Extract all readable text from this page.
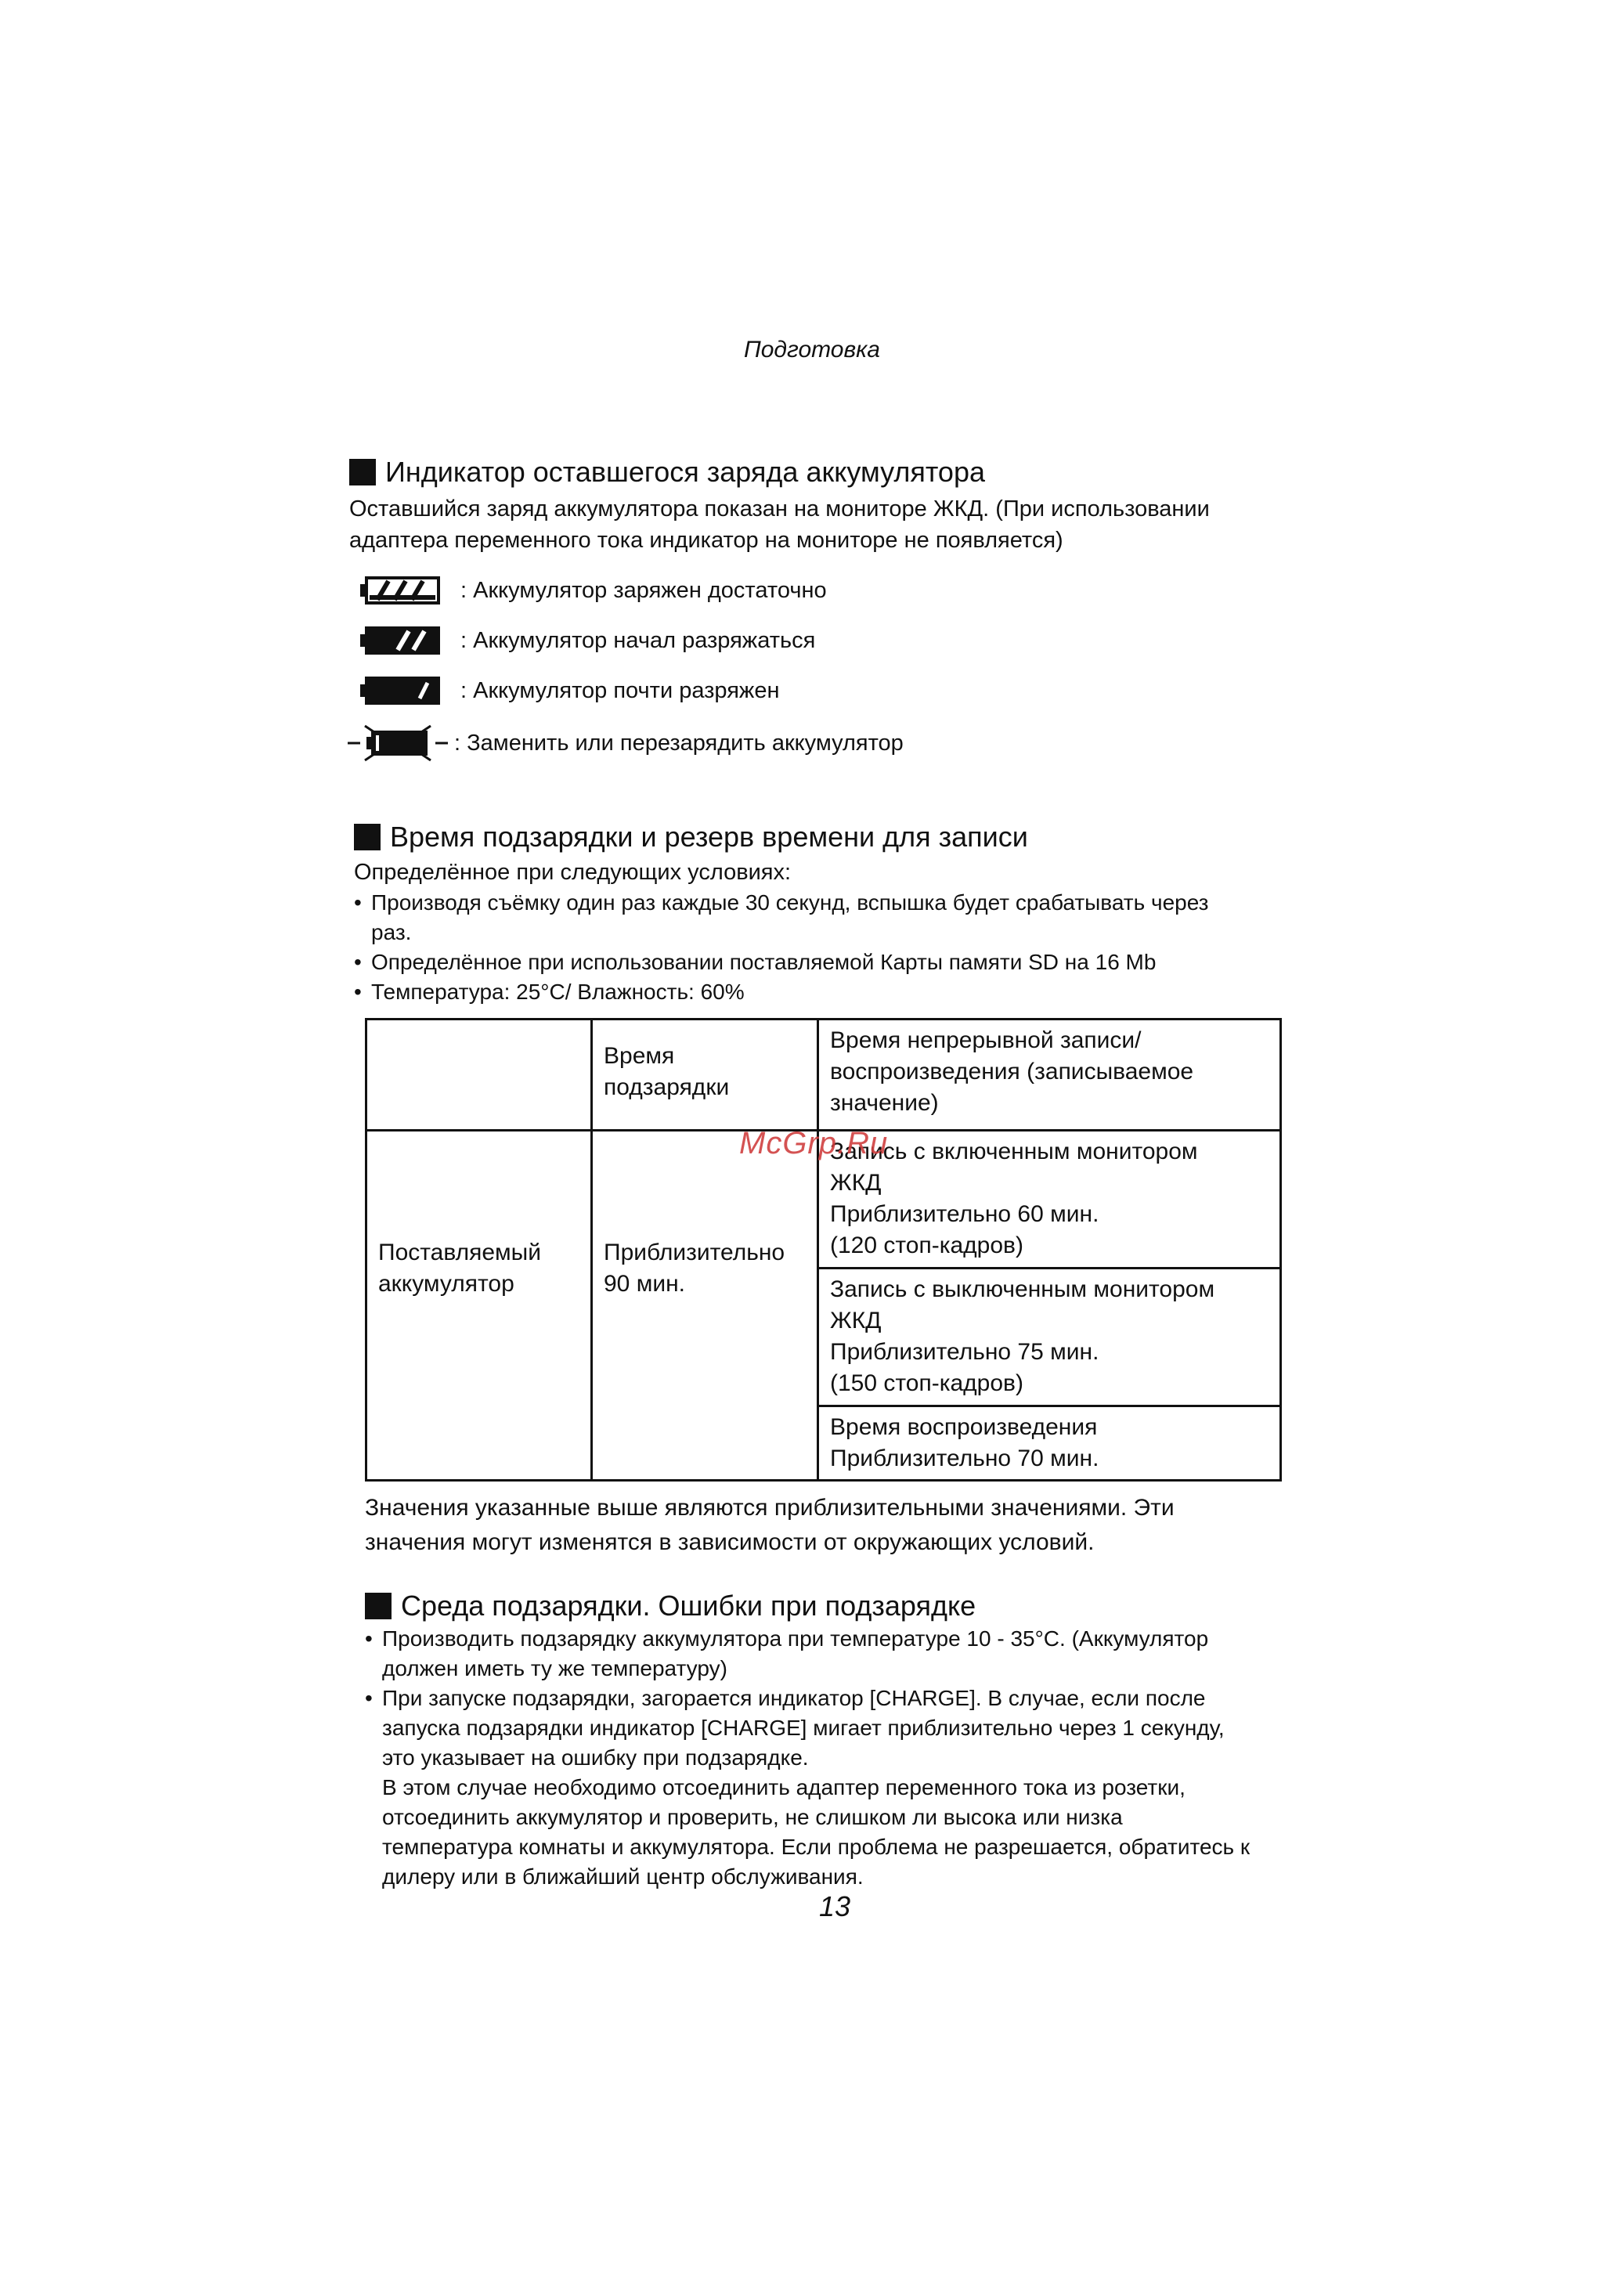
Подготовка
Индикатор оставшегося заряда аккумулятора
Оставшийся заряд аккумулятора показан на мониторе ЖКД. (При использовании
адаптера переменного тока индикатор на мониторе не появляется)
: Аккумулятор заряжен достаточно
: Аккумулятор начал разряжаться
: Аккумулятор почти разряжен
: Заменить или перезарядить аккумулятор
Время подзарядки и резерв времени для записи
Определённое при следующих условиях:
• Производя съёмку один раз каждые 30 секунд, вспышка будет срабатывать через
раз.
• Определённое при использовании поставляемой Карты памяти SD на 16 Mb
• Температура: 25°C/ Влажность: 60%
	Время подзарядки	Время непрерывной записи/воспроизведения (записываемое значение)
Поставляемый аккумулятор	Приблизительно 90 мин.	Запись с включенным монитором
ЖКД
Приблизительно 60 мин.
(120 стоп-кадров)

		Запись с выключенным монитором
ЖКД
Приблизительно 75 мин.
(150 стоп-кадров)

		Время воспроизведения
Приблизительно 70 мин.
McGrp.Ru
Значения указанные выше являются приблизительными значениями. Эти
значения могут изменятся в зависимости от окружающих условий.
Среда подзарядки. Ошибки при подзарядке
• Производить подзарядку аккумулятора при температуре 10 - 35°C. (Аккумулятор
должен иметь ту же температуру)
• При запуске подзарядки, загорается индикатор [CHARGE]. В случае, если после
запуска подзарядки индикатор [CHARGE] мигает приблизительно через 1 секунду,
это указывает на ошибку при подзарядке.
В этом случае необходимо отсоединить адаптер переменного тока из розетки,
отсоединить аккумулятор и проверить, не слишком ли высока или низка
температура комнаты и аккумулятора. Если проблема не разрешается, обратитесь к
дилеру или в ближайший центр обслуживания.
13
